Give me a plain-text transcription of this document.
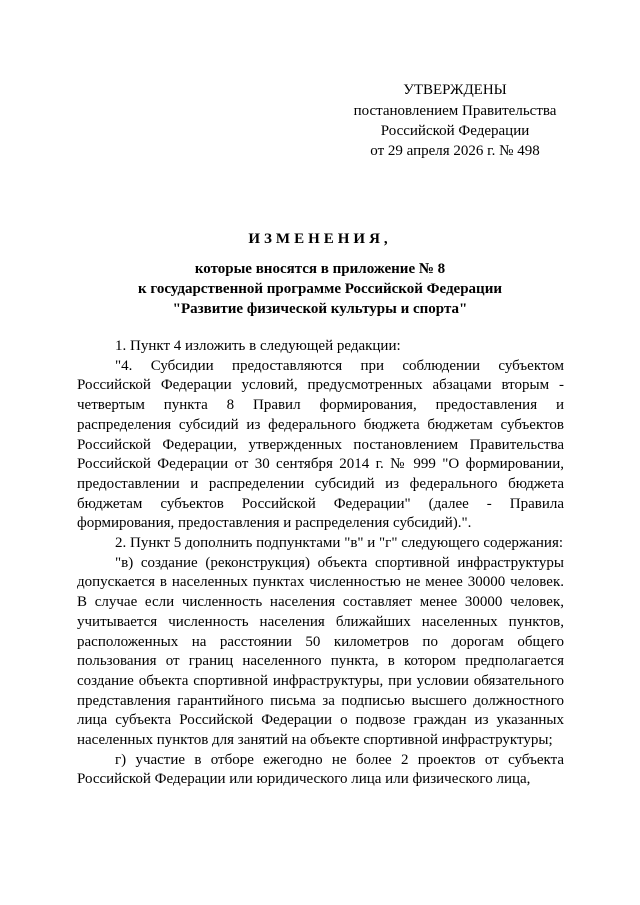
УТВЕРЖДЕНЫ
постановлением Правительства
Российской Федерации
от 29 апреля 2026 г. № 498
ИЗМЕНЕНИЯ,
которые вносятся в приложение № 8
к государственной программе Российской Федерации
"Развитие физической культуры и спорта"

1. Пункт 4 изложить в следующей редакции:

"4. Субсидии предоставляются при соблюдении субъектом Российской Федерации условий, предусмотренных абзацами вторым - четвертым пункта 8 Правил формирования, предоставления и распределения субсидий из федерального бюджета бюджетам субъектов Российской Федерации, утвержденных постановлением Правительства Российской Федерации от 30 сентября 2014 г. № 999 "О формировании, предоставлении и распределении субсидий из федерального бюджета бюджетам субъектов Российской Федерации" (далее - Правила формирования, предоставления и распределения субсидий).".

2. Пункт 5 дополнить подпунктами "в" и "г" следующего содержания:

"в) создание (реконструкция) объекта спортивной инфраструктуры допускается в населенных пунктах численностью не менее 30000 человек. В случае если численность населения составляет менее 30000 человек, учитывается численность населения ближайших населенных пунктов, расположенных на расстоянии 50 километров по дорогам общего пользования от границ населенного пункта, в котором предполагается создание объекта спортивной инфраструктуры, при условии обязательного представления гарантийного письма за подписью высшего должностного лица субъекта Российской Федерации о подвозе граждан из указанных населенных пунктов для занятий на объекте спортивной инфраструктуры;

г) участие в отборе ежегодно не более 2 проектов от субъекта Российской Федерации или юридического лица или физического лица,
